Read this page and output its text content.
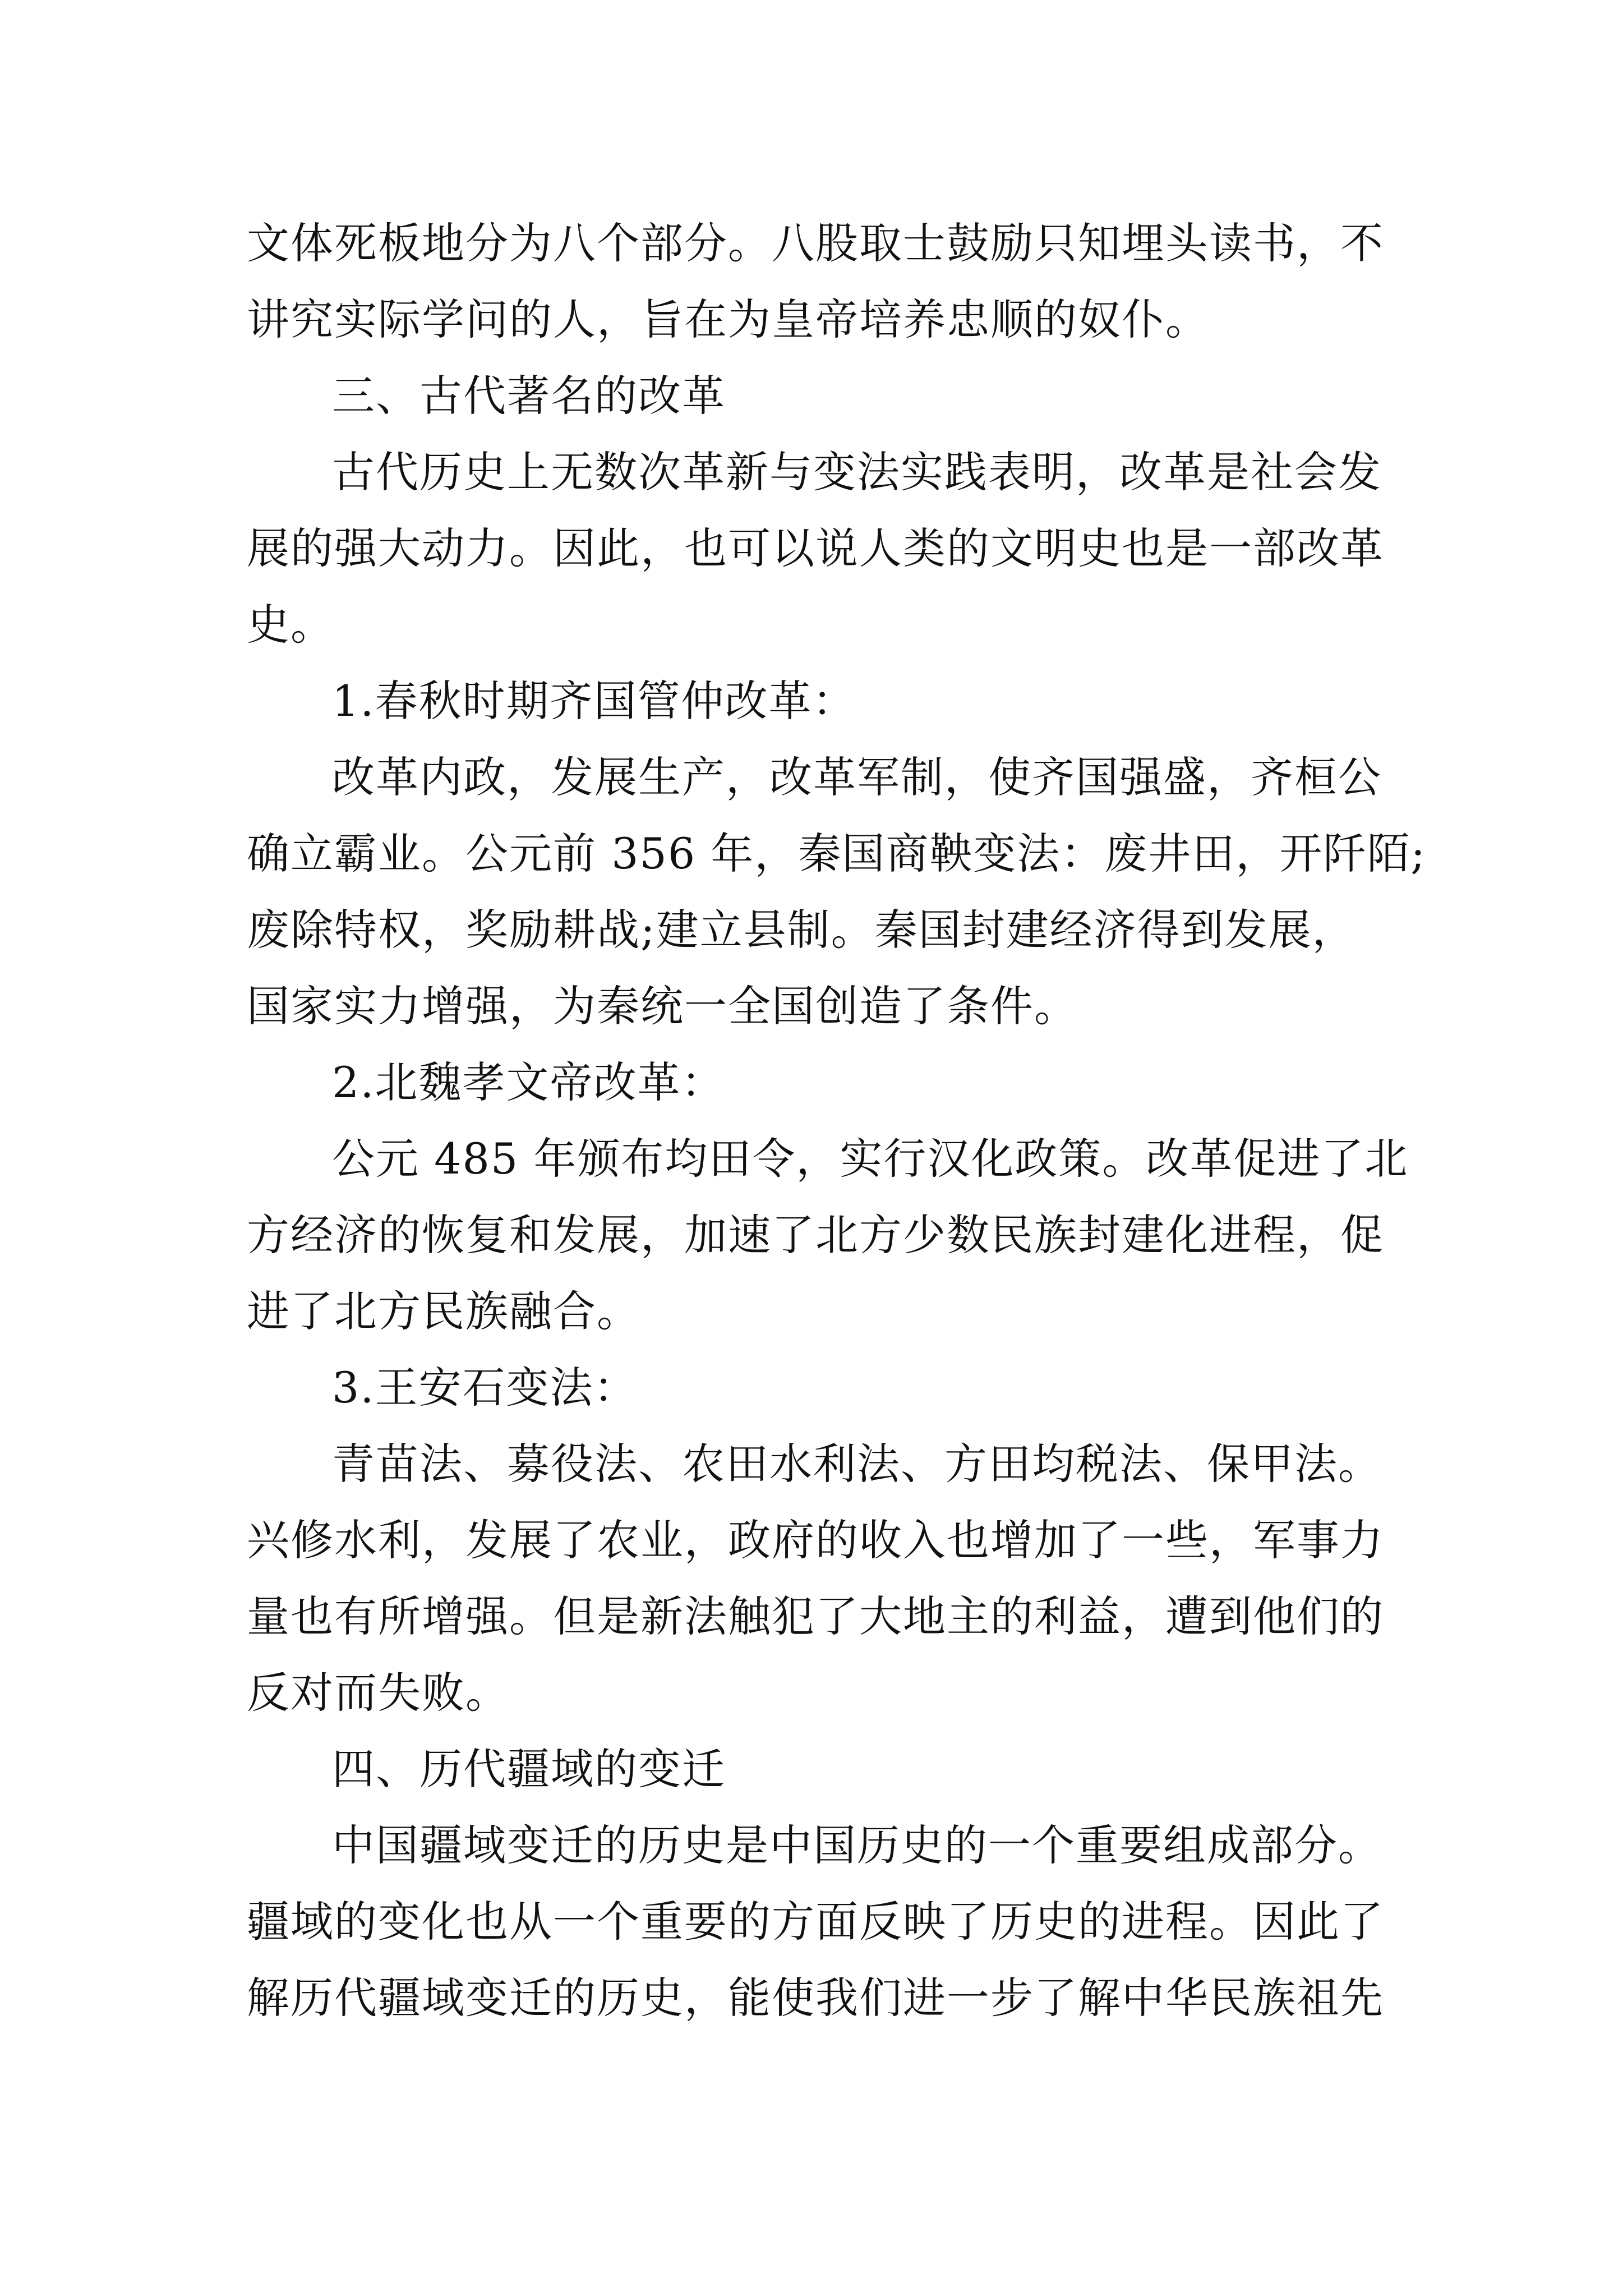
文体死板地分为八个部分。八股取士鼓励只知埋头读书，不
讲究实际学问的人，旨在为皇帝培养忠顺的奴仆。
三、古代著名的改革
古代历史上无数次革新与变法实践表明，改革是社会发
展的强大动力。因此，也可以说人类的文明史也是一部改革
史。
1.春秋时期齐国管仲改革：
改革内政，发展生产，改革军制，使齐国强盛，齐桓公
确立霸业。公元前 356 年，秦国商鞅变法：废井田，开阡陌;
废除特权，奖励耕战;建立县制。秦国封建经济得到发展，
国家实力增强，为秦统一全国创造了条件。
2.北魏孝文帝改革：
公元 485 年颁布均田令，实行汉化政策。改革促进了北
方经济的恢复和发展，加速了北方少数民族封建化进程，促
进了北方民族融合。
3.王安石变法：
青苗法、募役法、农田水利法、方田均税法、保甲法。
兴修水利，发展了农业，政府的收入也增加了一些，军事力
量也有所增强。但是新法触犯了大地主的利益，遭到他们的
反对而失败。
四、历代疆域的变迁
中国疆域变迁的历史是中国历史的一个重要组成部分。
疆域的变化也从一个重要的方面反映了历史的进程。因此了
解历代疆域变迁的历史，能使我们进一步了解中华民族祖先
